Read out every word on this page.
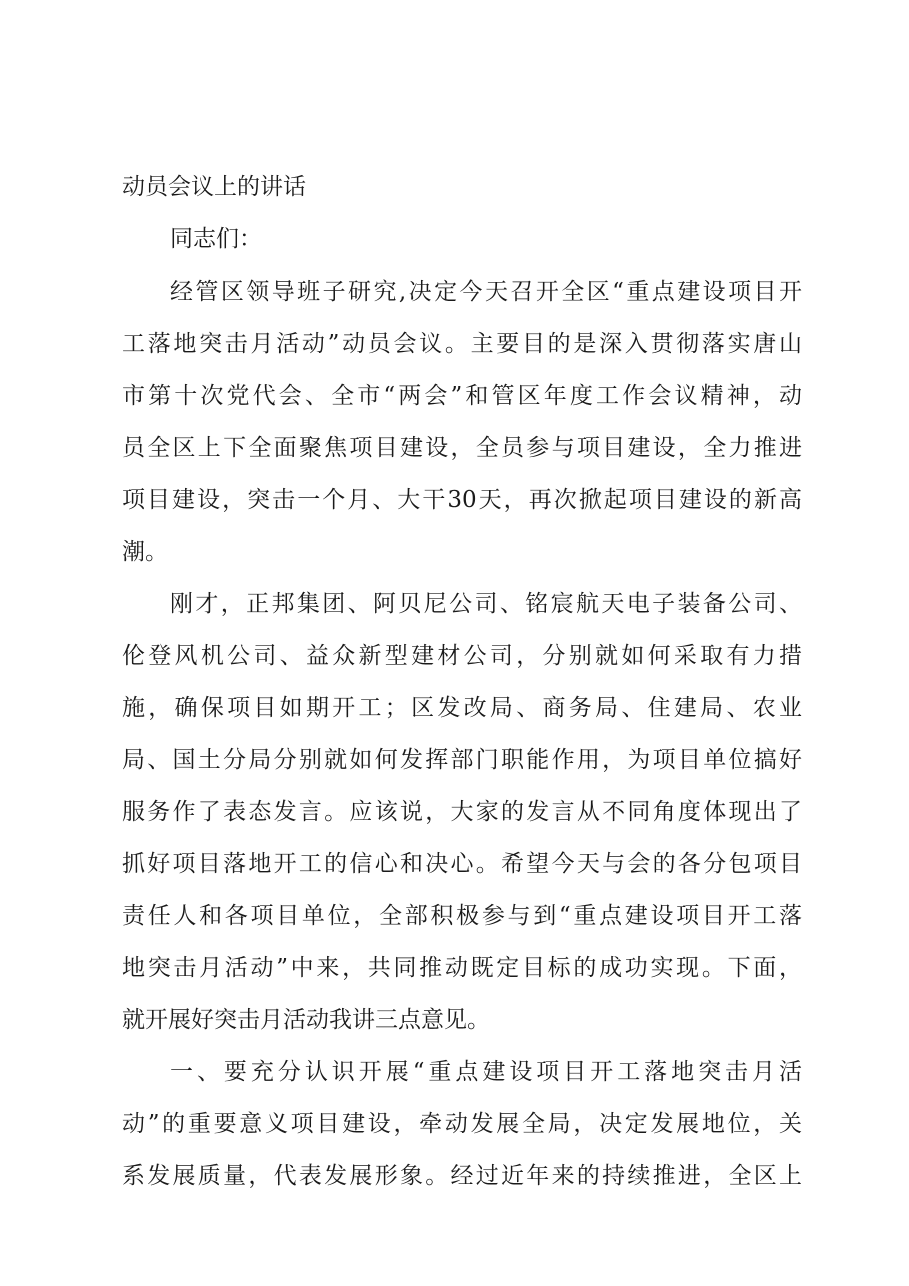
动员会议上的讲话
同志们：
经管区领导班子研究,决定今天召开全区“重点建设项目开
工落地突击月活动”动员会议。主要目的是深入贯彻落实唐山
市第十次党代会、全市“两会”和管区年度工作会议精神，动
员全区上下全面聚焦项目建设，全员参与项目建设，全力推进
项目建设，突击一个月、大干30天，再次掀起项目建设的新高
潮。
刚才，正邦集团、阿贝尼公司、铭宸航天电子装备公司、
伦登风机公司、益众新型建材公司，分别就如何采取有力措
施，确保项目如期开工；区发改局、商务局、住建局、农业
局、国土分局分别就如何发挥部门职能作用，为项目单位搞好
服务作了表态发言。应该说，大家的发言从不同角度体现出了
抓好项目落地开工的信心和决心。希望今天与会的各分包项目
责任人和各项目单位，全部积极参与到“重点建设项目开工落
地突击月活动”中来，共同推动既定目标的成功实现。下面，
就开展好突击月活动我讲三点意见。
一、要充分认识开展“重点建设项目开工落地突击月活
动”的重要意义项目建设，牵动发展全局，决定发展地位，关
系发展质量，代表发展形象。经过近年来的持续推进，全区上
